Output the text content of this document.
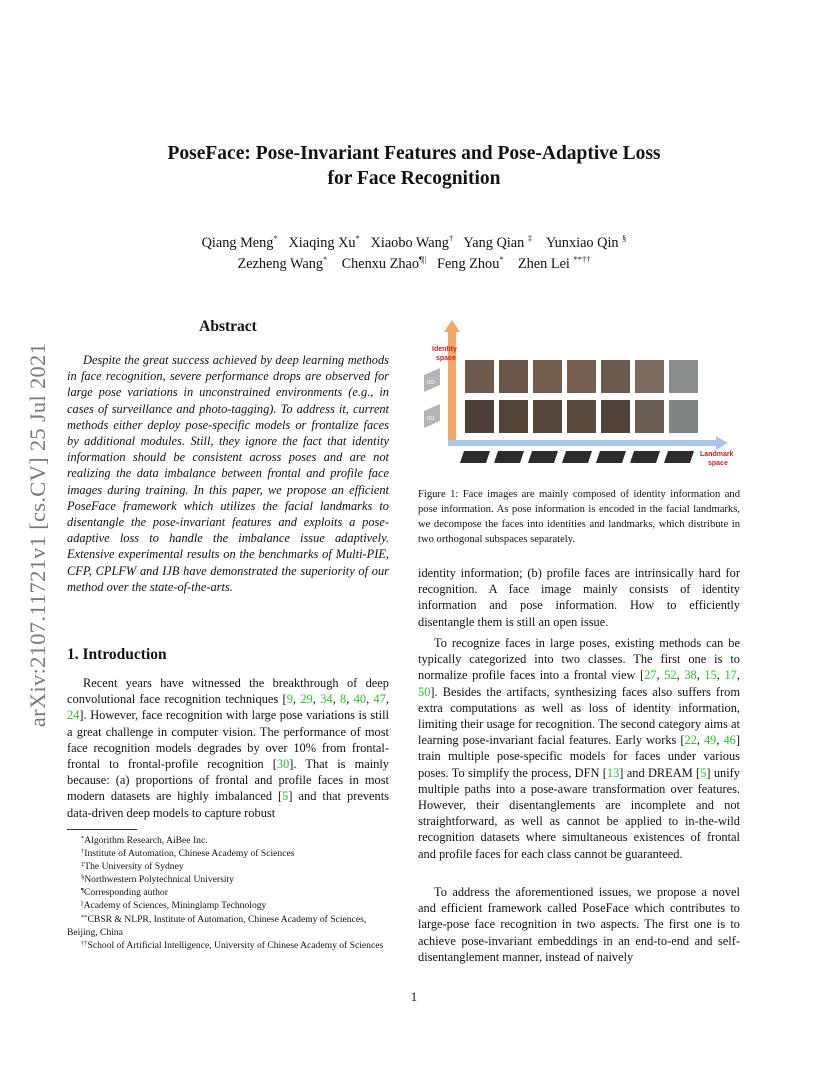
arXiv:2107.11721v1 [cs.CV] 25 Jul 2021
PoseFace: Pose-Invariant Features and Pose-Adaptive Loss
for Face Recognition
Qiang Meng* Xiaqing Xu* Xiaobo Wang† Yang Qian ‡ Yunxiao Qin §
Zezheng Wang* Chenxu Zhao¶|| Feng Zhou* Zhen Lei **††
Abstract
Despite the great success achieved by deep learning methods in face recognition, severe performance drops are observed for large pose variations in unconstrained environments (e.g., in cases of surveillance and photo-tagging). To address it, current methods either deploy pose-specific models or frontalize faces by additional modules. Still, they ignore the fact that identity information should be consistent across poses and are not realizing the data imbalance between frontal and profile face images during training. In this paper, we propose an efficient PoseFace framework which utilizes the facial landmarks to disentangle the pose-invariant features and exploits a pose-adaptive loss to handle the imbalance issue adaptively. Extensive experimental results on the benchmarks of Multi-PIE, CFP, CPLFW and IJB have demonstrated the superiority of our method over the state-of-the-arts.
1. Introduction
Recent years have witnessed the breakthrough of deep convolutional face recognition techniques [9, 29, 34, 8, 40, 47, 24]. However, face recognition with large pose variations is still a great challenge in computer vision. The performance of most face recognition models degrades by over 10% from frontal-frontal to frontal-profile recognition [30]. That is mainly because: (a) proportions of frontal and profile faces in most modern datasets are highly imbalanced [5] and that prevents data-driven deep models to capture robust
*Algorithm Research, AiBee Inc.
†Institute of Automation, Chinese Academy of Sciences
‡The University of Sydney
§Northwestern Polytechnical University
¶Corresponding author
||Academy of Sciences, Mininglamp Technology
**CBSR & NLPR, Institute of Automation, Chinese Academy of Sciences, Beijing, China
††School of Artificial Intelligence, University of Chinese Academy of Sciences
Identity
space
Landmark
space
ID2
ID1
Figure 1: Face images are mainly composed of identity information and pose information. As pose information is encoded in the facial landmarks, we decompose the faces into identities and landmarks, which distribute in two orthogonal subspaces separately.
identity information; (b) profile faces are intrinsically hard for recognition. A face image mainly consists of identity information and pose information. How to efficiently disentangle them is still an open issue.
To recognize faces in large poses, existing methods can be typically categorized into two classes. The first one is to normalize profile faces into a frontal view [27, 52, 38, 15, 17, 50]. Besides the artifacts, synthesizing faces also suffers from extra computations as well as loss of identity information, limiting their usage for recognition. The second category aims at learning pose-invariant facial features. Early works [22, 49, 46] train multiple pose-specific models for faces under various poses. To simplify the process, DFN [13] and DREAM [5] unify multiple paths into a pose-aware transformation over features. However, their disentanglements are incomplete and not straightforward, as well as cannot be applied to in-the-wild recognition datasets where simultaneous existences of frontal and profile faces for each class cannot be guaranteed.
To address the aforementioned issues, we propose a novel and efficient framework called PoseFace which contributes to large-pose face recognition in two aspects. The first one is to achieve pose-invariant embeddings in an end-to-end and self-disentanglement manner, instead of naively
1
